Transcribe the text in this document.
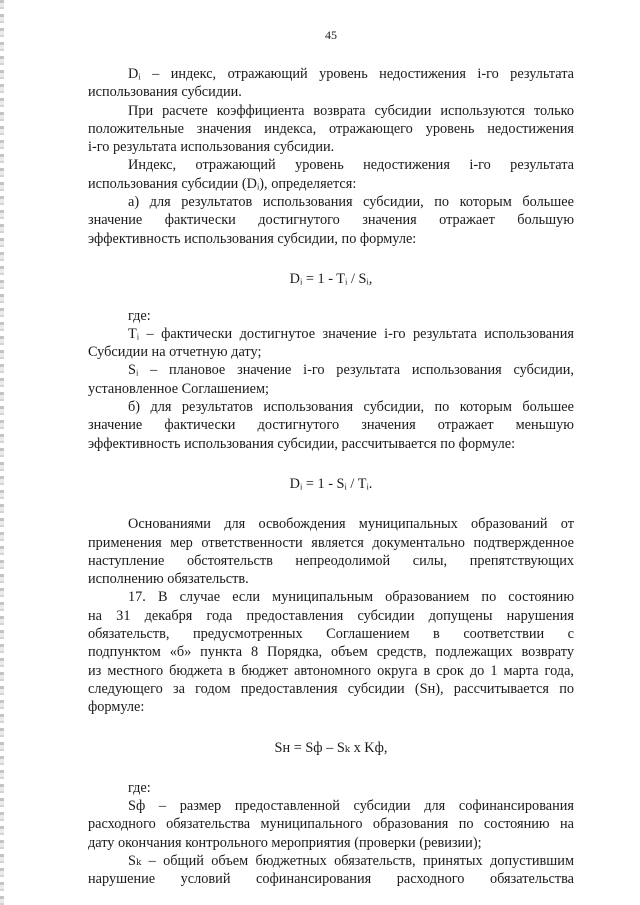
45
Dᵢ – индекс, отражающий уровень недостижения i-го результата
использования субсидии.
При расчете коэффициента возврата субсидии используются только
положительные значения индекса, отражающего уровень недостижения
i-го результата использования субсидии.
Индекс, отражающий уровень недостижения i-го результата
использования субсидии (Dᵢ), определяется:
а) для результатов использования субсидии, по которым большее
значение фактически достигнутого значения отражает большую
эффективность использования субсидии, по формуле:
Dᵢ = 1 - Tᵢ / Sᵢ,
где:
Tᵢ – фактически достигнутое значение i-го результата использования
Субсидии на отчетную дату;
Sᵢ – плановое значение i-го результата использования субсидии,
установленное Соглашением;
б) для результатов использования субсидии, по которым большее
значение фактически достигнутого значения отражает меньшую
эффективность использования субсидии, рассчитывается по формуле:
Dᵢ = 1 - Sᵢ / Tᵢ.
Основаниями для освобождения муниципальных образований от
применения мер ответственности является документально подтвержденное
наступление обстоятельств непреодолимой силы, препятствующих
исполнению обязательств.
17. В случае если муниципальным образованием по состоянию
на 31 декабря года предоставления субсидии допущены нарушения
обязательств, предусмотренных Соглашением в соответствии с
подпунктом «б» пункта 8 Порядка, объем средств, подлежащих возврату
из местного бюджета в бюджет автономного округа в срок до 1 марта года,
следующего за годом предоставления субсидии (Sн), рассчитывается по
формуле:
Sн = Sф – Sₖ x Kф,
где:
Sф – размер предоставленной субсидии для софинансирования
расходного обязательства муниципального образования по состоянию на
дату окончания контрольного мероприятия (проверки (ревизии);
Sₖ – общий объем бюджетных обязательств, принятых допустившим
нарушение условий софинансирования расходного обязательства
